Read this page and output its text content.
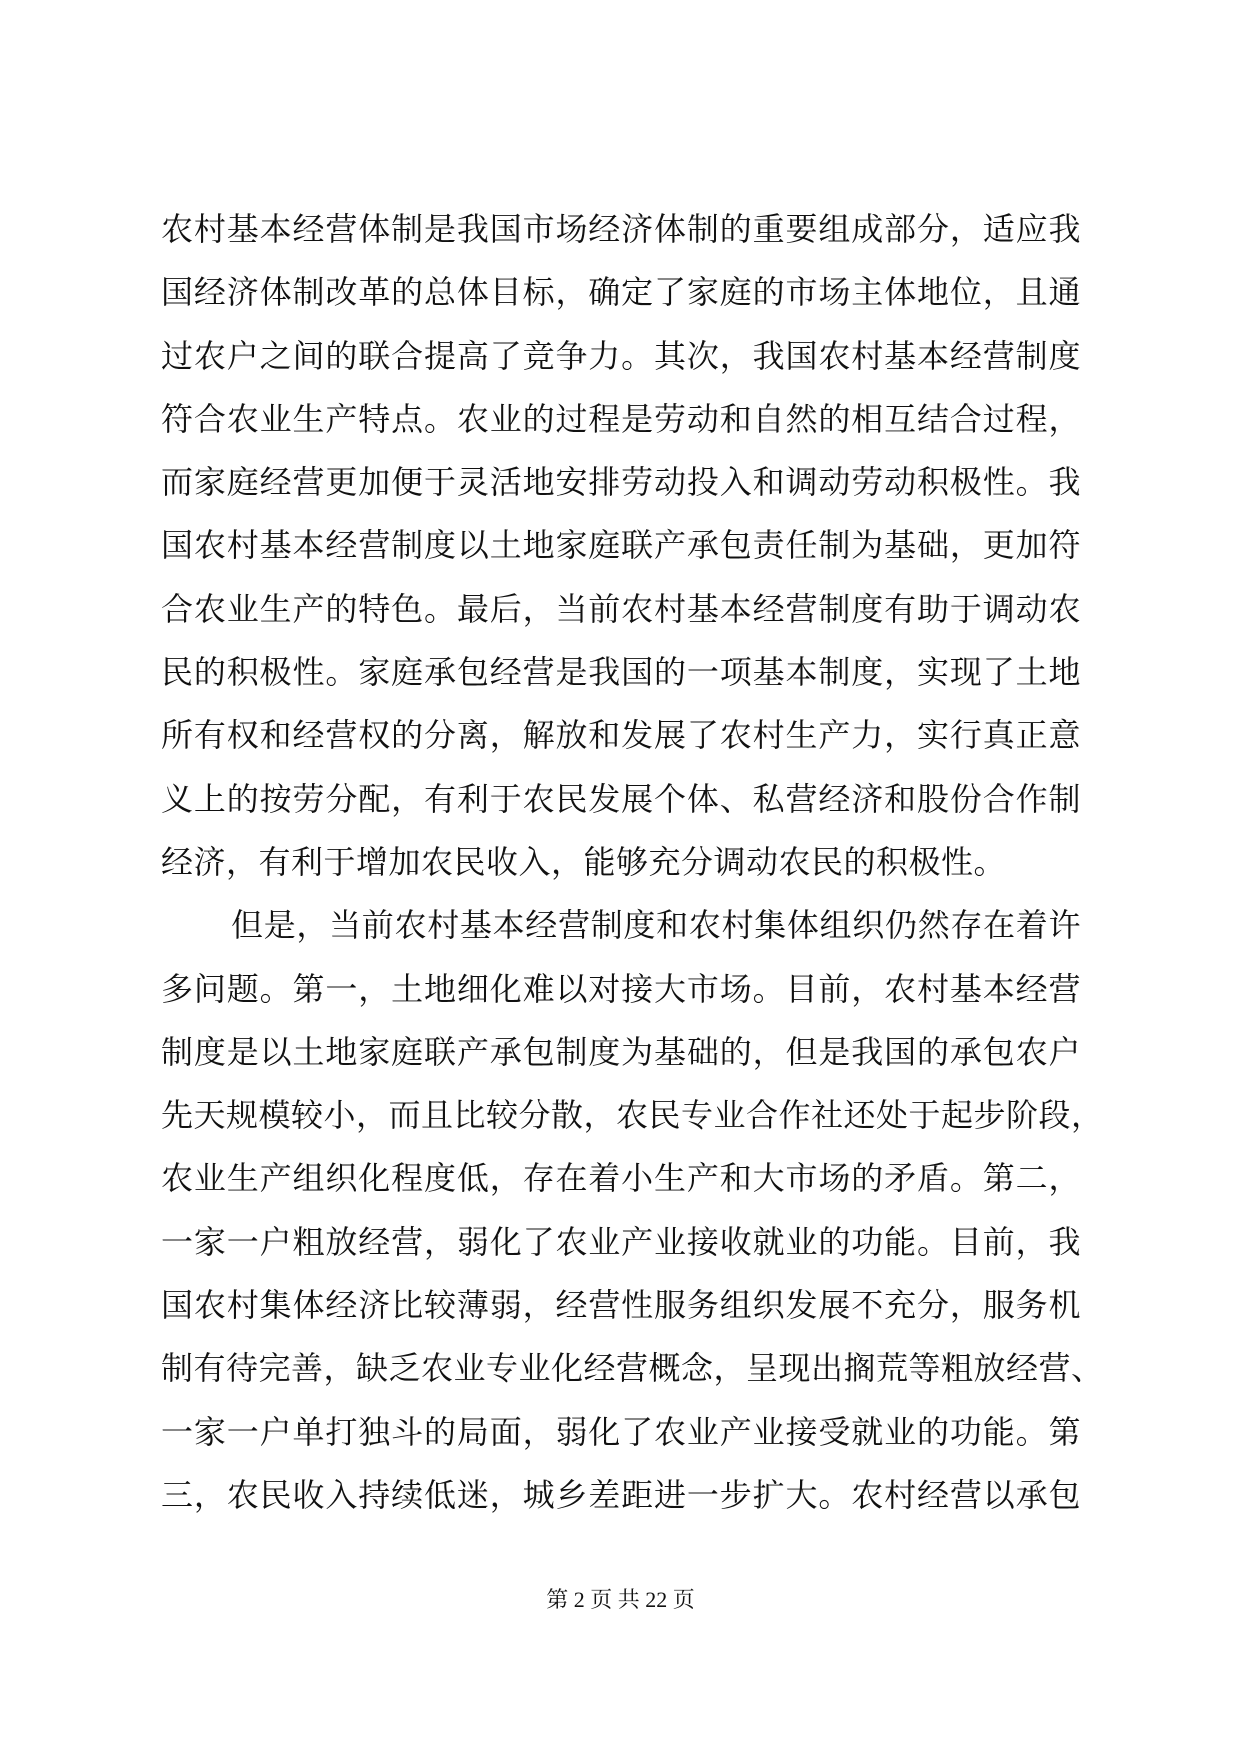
农村基本经营体制是我国市场经济体制的重要组成部分，适应我
国经济体制改革的总体目标，确定了家庭的市场主体地位，且通
过农户之间的联合提高了竞争力。其次，我国农村基本经营制度
符合农业生产特点。农业的过程是劳动和自然的相互结合过程，
而家庭经营更加便于灵活地安排劳动投入和调动劳动积极性。我
国农村基本经营制度以土地家庭联产承包责任制为基础，更加符
合农业生产的特色。最后，当前农村基本经营制度有助于调动农
民的积极性。家庭承包经营是我国的一项基本制度，实现了土地
所有权和经营权的分离，解放和发展了农村生产力，实行真正意
义上的按劳分配，有利于农民发展个体、私营经济和股份合作制
经济，有利于增加农民收入，能够充分调动农民的积极性。
但是，当前农村基本经营制度和农村集体组织仍然存在着许
多问题。第一，土地细化难以对接大市场。目前，农村基本经营
制度是以土地家庭联产承包制度为基础的，但是我国的承包农户
先天规模较小，而且比较分散，农民专业合作社还处于起步阶段，
农业生产组织化程度低，存在着小生产和大市场的矛盾。第二，
一家一户粗放经营，弱化了农业产业接收就业的功能。目前，我
国农村集体经济比较薄弱，经营性服务组织发展不充分，服务机
制有待完善，缺乏农业专业化经营概念，呈现出搁荒等粗放经营、
一家一户单打独斗的局面，弱化了农业产业接受就业的功能。第
三，农民收入持续低迷，城乡差距进一步扩大。农村经营以承包
第 2 页 共 22 页
